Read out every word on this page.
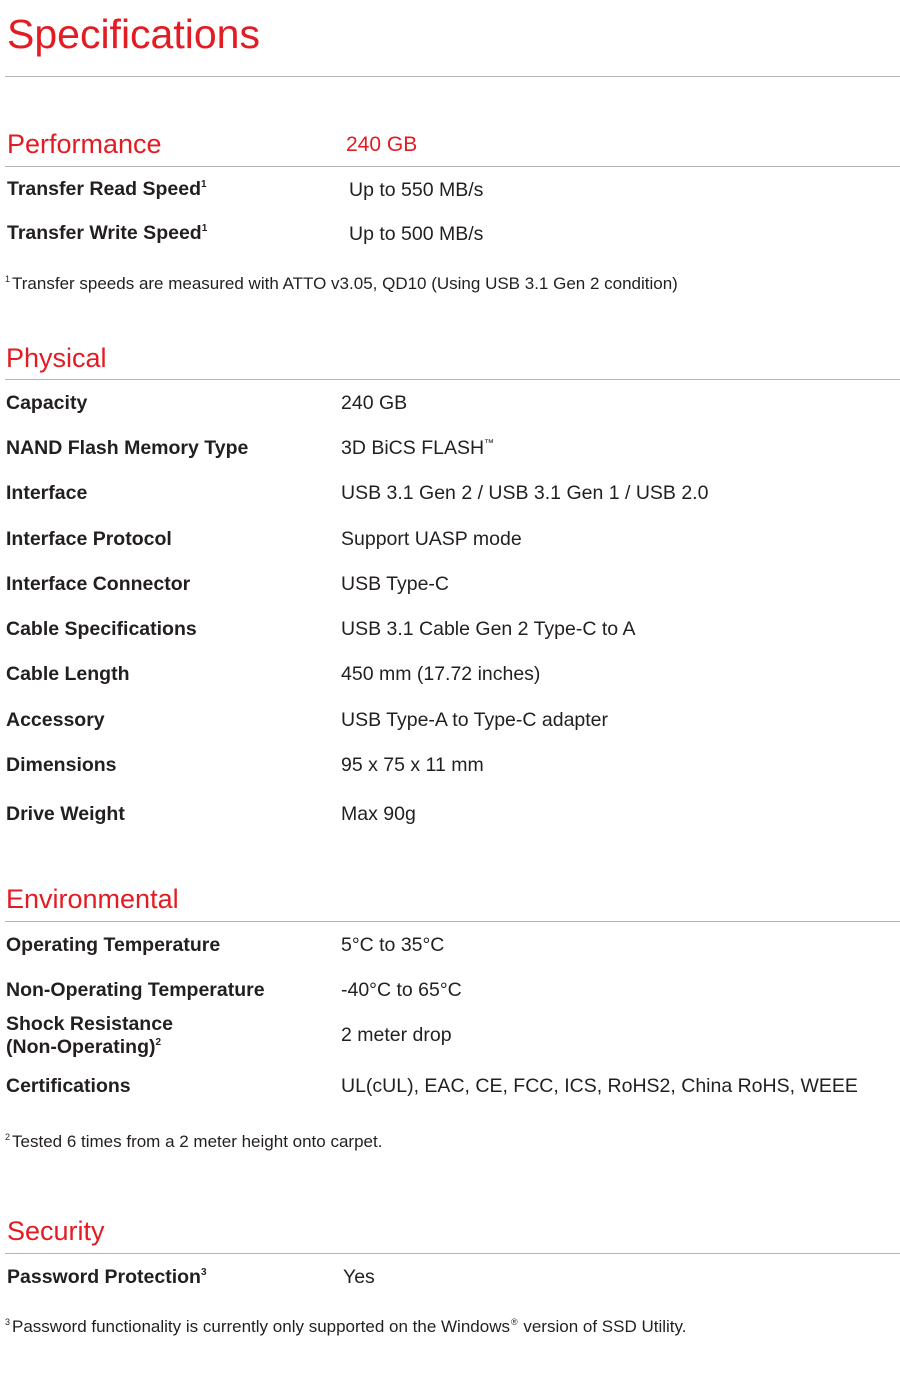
Specifications
Performance	240 GB
Transfer Read Speed$^1$	Up to 550 MB/s
Transfer Write Speed$^1$	Up to 500 MB/s
$^1$ Transfer speeds are measured with ATTO v3.05, QD10 (Using USB 3.1 Gen 2 condition)
Physical
Capacity	240 GB
NAND Flash Memory Type	3D BiCS FLASH™
Interface	USB 3.1 Gen 2 / USB 3.1 Gen 1 / USB 2.0
Interface Protocol	Support UASP mode
Interface Connector	USB Type-C
Cable Specifications	USB 3.1 Cable Gen 2 Type-C to A
Cable Length	450 mm (17.72 inches)
Accessory	USB Type-A to Type-C adapter
Dimensions	95 x 75 x 11 mm
Drive Weight	Max 90g
Environmental
Operating Temperature	5°C to 35°C
Non-Operating Temperature	-40°C to 65°C
Shock Resistance
(Non-Operating)$^2$	2 meter drop
Certifications	UL(cUL), EAC, CE, FCC, ICS, RoHS2, China RoHS, WEEE
$^2$ Tested 6 times from a 2 meter height onto carpet.
Security
Password Protection$^3$	Yes
$^3$ Password functionality is currently only supported on the Windows® version of SSD Utility.
